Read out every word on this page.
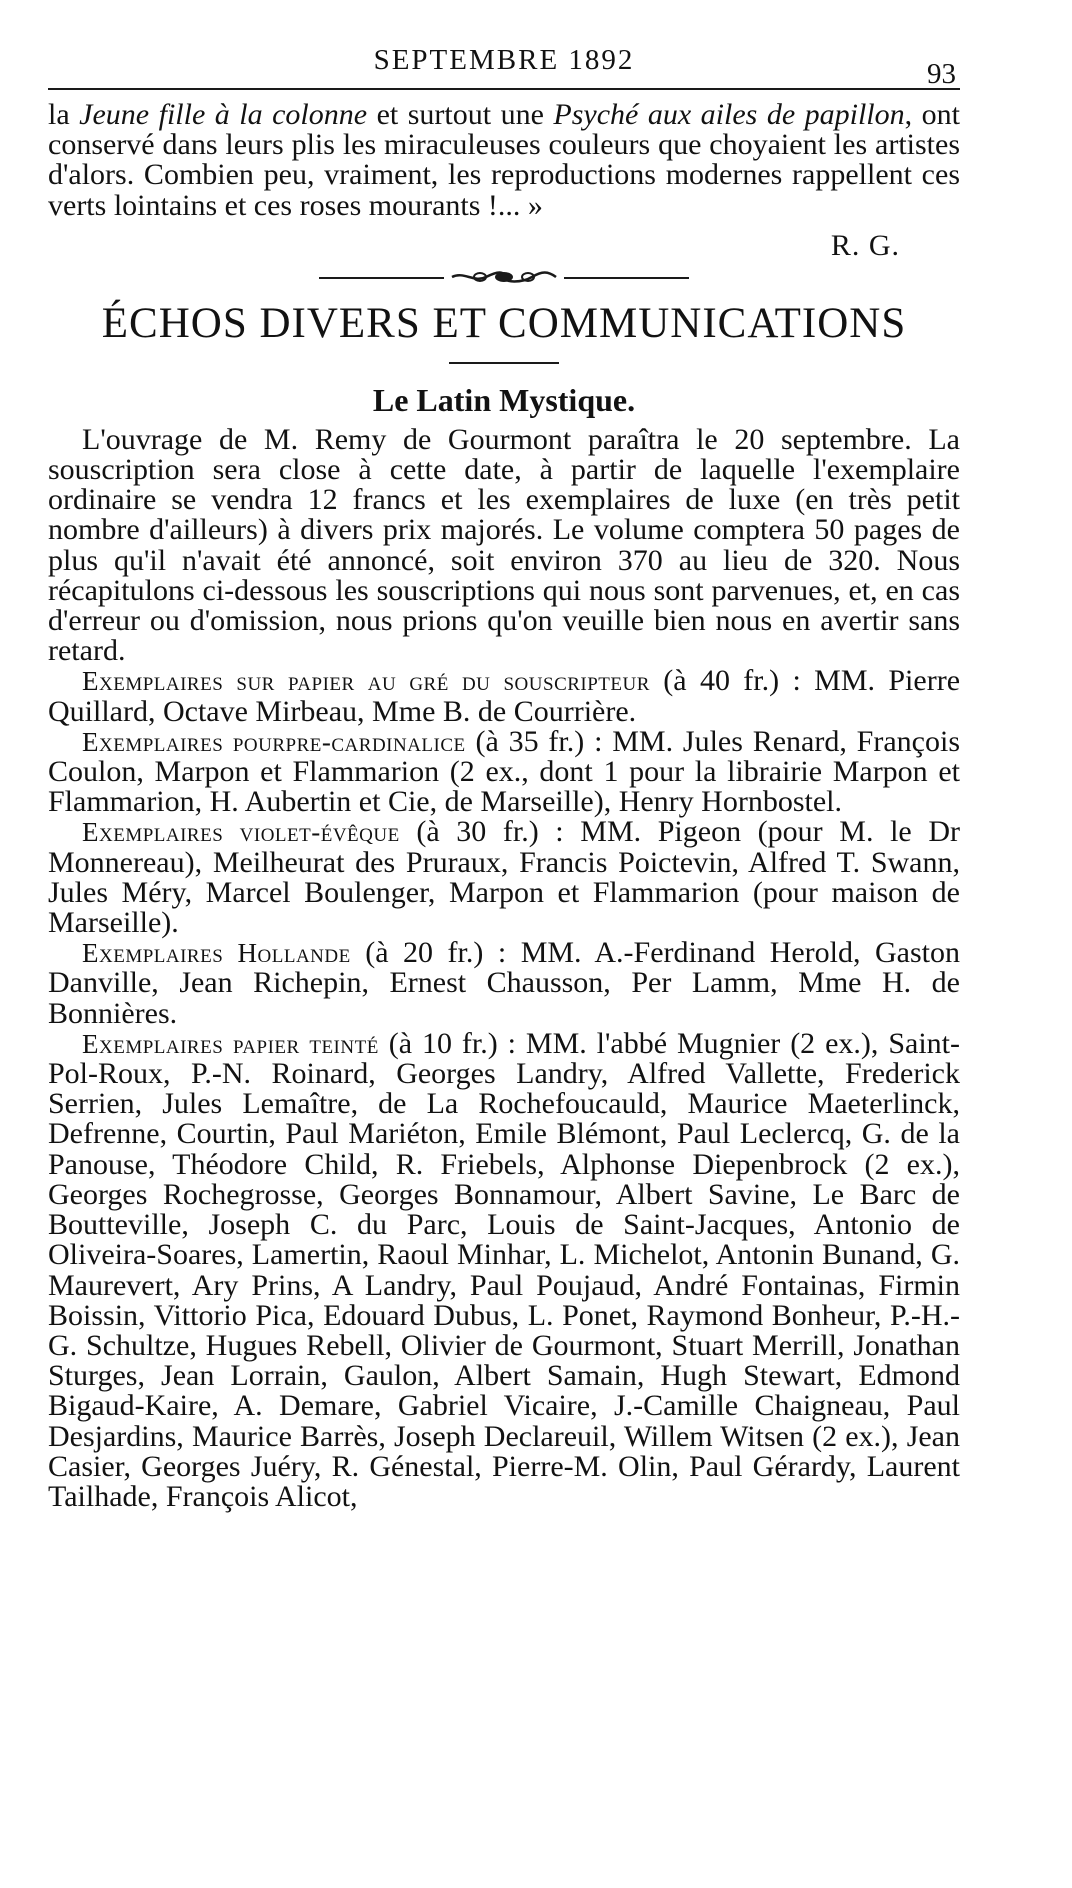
SEPTEMBRE 1892	93

la Jeune fille à la colonne et surtout une Psyché aux ailes de papillon, ont conservé dans leurs plis les miraculeuses couleurs que choyaient les artistes d'alors. Combien peu, vraiment, les reproductions modernes rappellent ces verts lointains et ces roses mourants !... »

R. G.

ÉCHOS DIVERS ET COMMUNICATIONS
Le Latin Mystique.

L'ouvrage de M. Remy de Gourmont paraîtra le 20 septembre. La souscription sera close à cette date, à partir de laquelle l'exemplaire ordinaire se vendra 12 francs et les exemplaires de luxe (en très petit nombre d'ailleurs) à divers prix majorés. Le volume comptera 50 pages de plus qu'il n'avait été annoncé, soit environ 370 au lieu de 320. Nous récapitulons ci-dessous les souscriptions qui nous sont parvenues, et, en cas d'erreur ou d'omission, nous prions qu'on veuille bien nous en avertir sans retard.

Exemplaires sur papier au gré du souscripteur (à 40 fr.) : MM. Pierre Quillard, Octave Mirbeau, Mme B. de Courrière.

Exemplaires pourpre-cardinalice (à 35 fr.) : MM. Jules Renard, François Coulon, Marpon et Flammarion (2 ex., dont 1 pour la librairie Marpon et Flammarion, H. Aubertin et Cie, de Marseille), Henry Hornbostel.

Exemplaires violet-évêque (à 30 fr.) : MM. Pigeon (pour M. le Dr Monnereau), Meilheurat des Pruraux, Francis Poictevin, Alfred T. Swann, Jules Méry, Marcel Boulenger, Marpon et Flammarion (pour maison de Marseille).

Exemplaires Hollande (à 20 fr.) : MM. A.-Ferdinand Herold, Gaston Danville, Jean Richepin, Ernest Chausson, Per Lamm, Mme H. de Bonnières.

Exemplaires papier teinté (à 10 fr.) : MM. l'abbé Mugnier (2 ex.), Saint-Pol-Roux, P.-N. Roinard, Georges Landry, Alfred Vallette, Frederick Serrien, Jules Lemaître, de La Rochefoucauld, Maurice Maeterlinck, Defrenne, Courtin, Paul Mariéton, Emile Blémont, Paul Leclercq, G. de la Panouse, Théodore Child, R. Friebels, Alphonse Diepenbrock (2 ex.), Georges Rochegrosse, Georges Bonnamour, Albert Savine, Le Barc de Boutteville, Joseph C. du Parc, Louis de Saint-Jacques, Antonio de Oliveira-Soares, Lamertin, Raoul Minhar, L. Michelot, Antonin Bunand, G. Maurevert, Ary Prins, A Landry, Paul Poujaud, André Fontainas, Firmin Boissin, Vittorio Pica, Edouard Dubus, L. Ponet, Raymond Bonheur, P.-H.-G. Schultze, Hugues Rebell, Olivier de Gourmont, Stuart Merrill, Jonathan Sturges, Jean Lorrain, Gaulon, Albert Samain, Hugh Stewart, Edmond Bigaud-Kaire, A. Demare, Gabriel Vicaire, J.-Camille Chaigneau, Paul Desjardins, Maurice Barrès, Joseph Declareuil, Willem Witsen (2 ex.), Jean Casier, Georges Juéry, R. Génestal, Pierre-M. Olin, Paul Gérardy, Laurent Tailhade, François Alicot,
